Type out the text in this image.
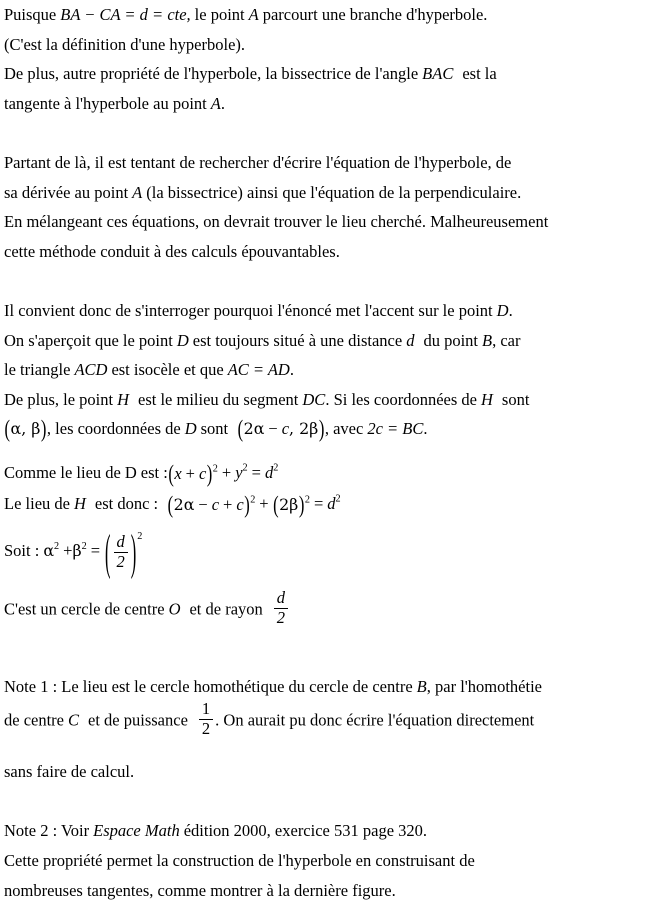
Puisque BA − CA = d = cte, le point A parcourt une branche d'hyperbole.
(C'est la définition d'une hyperbole).
De plus, autre propriété de l'hyperbole, la bissectrice de l'angle BAC est la
tangente à l'hyperbole au point A.
Partant de là, il est tentant de rechercher d'écrire l'équation de l'hyperbole, de
sa dérivée au point A (la bissectrice) ainsi que l'équation de la perpendiculaire.
En mélangeant ces équations, on devrait trouver le lieu cherché. Malheureusement
cette méthode conduit à des calculs épouvantables.
Il convient donc de s'interroger pourquoi l'énoncé met l'accent sur le point D.
On s'aperçoit que le point D est toujours situé à une distance d du point B, car
le triangle ACD est isocèle et que AC = AD.
De plus, le point H est le milieu du segment DC. Si les coordonnées de H sont
(α, β), les coordonnées de D sont (2α − c, 2β), avec 2c = BC.
Comme le lieu de D est :(x + $c)^2 + y^2 = d^2$
Le lieu de H est donc : $(2\alpha - c + c)^2 + (2\beta)^2 = d^2$
Soit : $\alpha^2 +\beta^2$ = ( $\frac{d}{2} )^2$
C'est un cercle de centre O et de rayon $\frac{d}{2}$
Note 1 : Le lieu est le cercle homothétique du cercle de centre B, par l'homothétie
de centre C et de puissance $\frac{1}{2}$ . On aurait pu donc écrire l'équation directement
sans faire de calcul.
Note 2 : Voir Espace Math édition 2000, exercice 531 page 320.
Cette propriété permet la construction de l'hyperbole en construisant de
nombreuses tangentes, comme montrer à la dernière figure.
